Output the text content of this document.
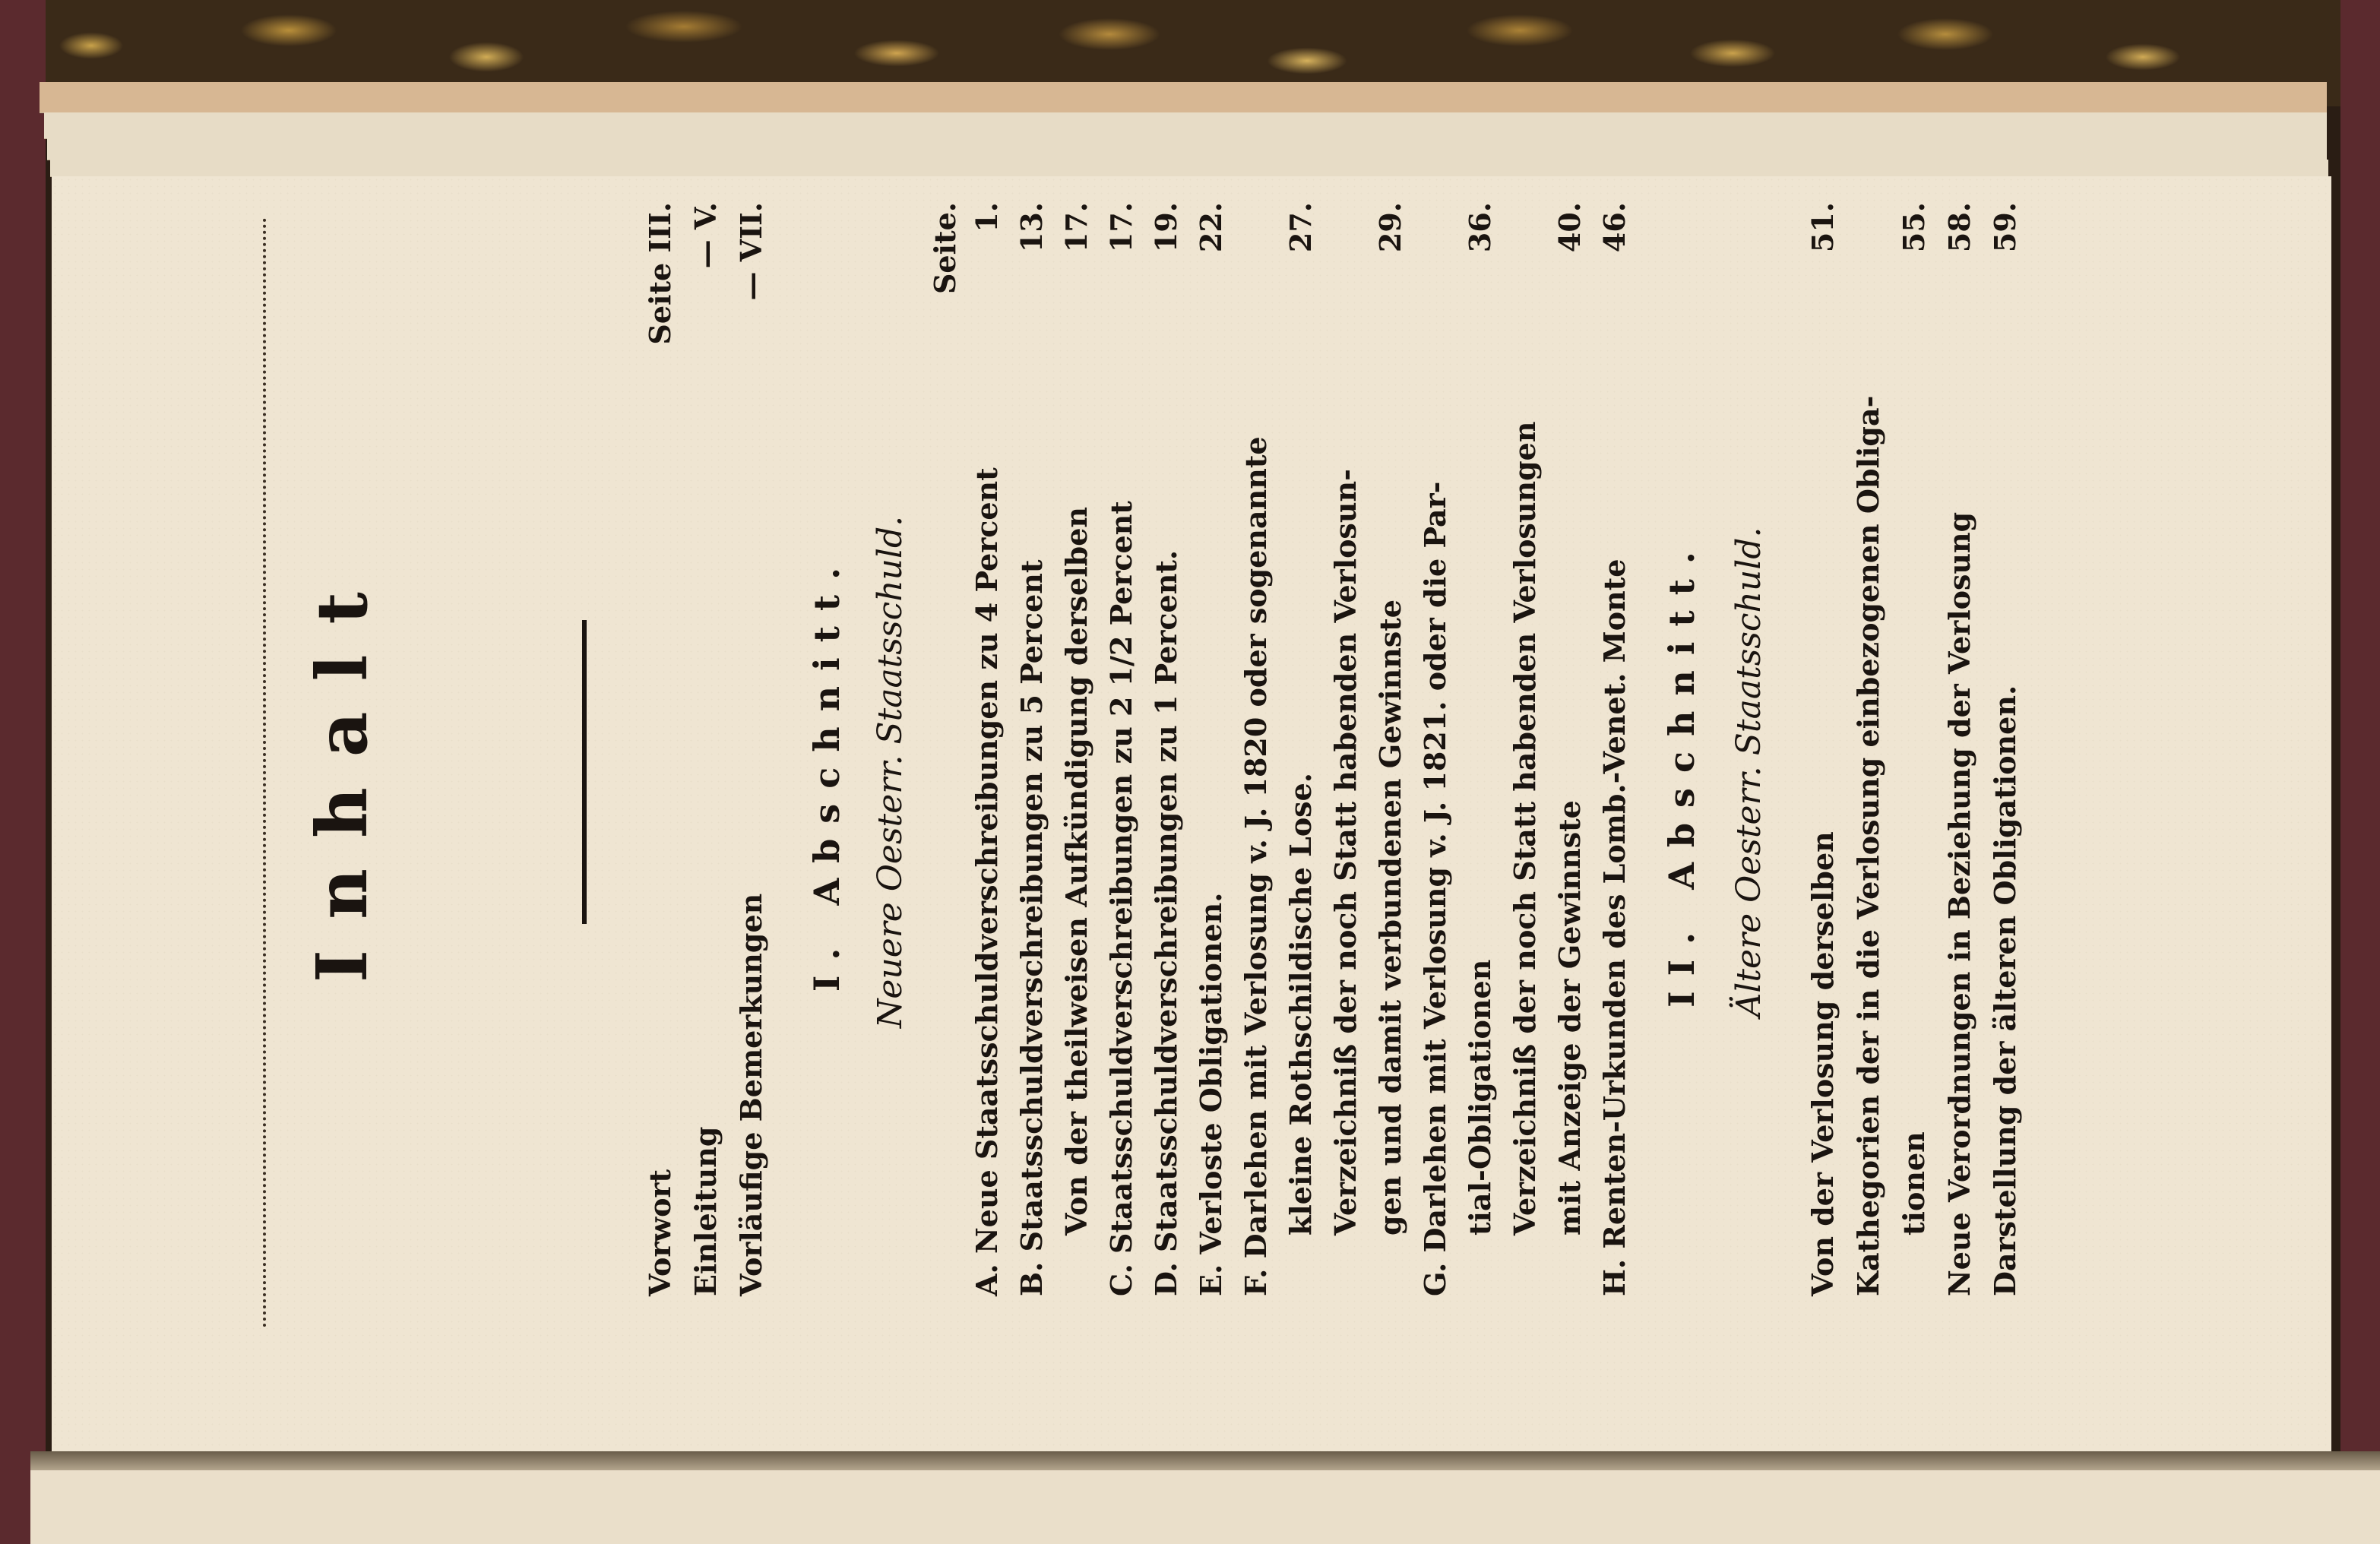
Inhalt
Vorwort
Seite III.
Einleitung
— V.
Vorläufige Bemerkungen
— VII.
I. Abschnitt. Neuere Oesterr. Staatsschuld.
Seite.
A. Neue Staatsschuldverschreibungen zu 4 Percent
1.
B. Staatsschuldverschreibungen zu 5 Percent
13.
Von der theilweisen Aufkündigung derselben
17.
C. Staatsschuldverschreibungen zu 2 1/2 Percent
17.
D. Staatsschuldverschreibungen zu 1 Percent.
19.
E. Verloste Obligationen.
22.
F. Darlehen mit Verlosung v. J. 1820 oder sogenannte kleine Rothschildische Lose.
27.
Verzeichniß der noch Statt habenden Verlosun- gen und damit verbundenen Gewinnste
29.
G. Darlehen mit Verlosung v. J. 1821. oder die Par- tial-Obligationen
36.
Verzeichniß der noch Statt habenden Verlosungen mit Anzeige der Gewinnste
40.
H. Renten-Urkunden des Lomb.-Venet. Monte
46.
II. Abschnitt. Ältere Oesterr. Staatsschuld.
Von der Verlosung derselben
51.
Kathegorien der in die Verlosung einbezogenen Obliga- tionen
55.
Neue Verordnungen in Beziehung der Verlosung
58.
Darstellung der älteren Obligationen.
59.
